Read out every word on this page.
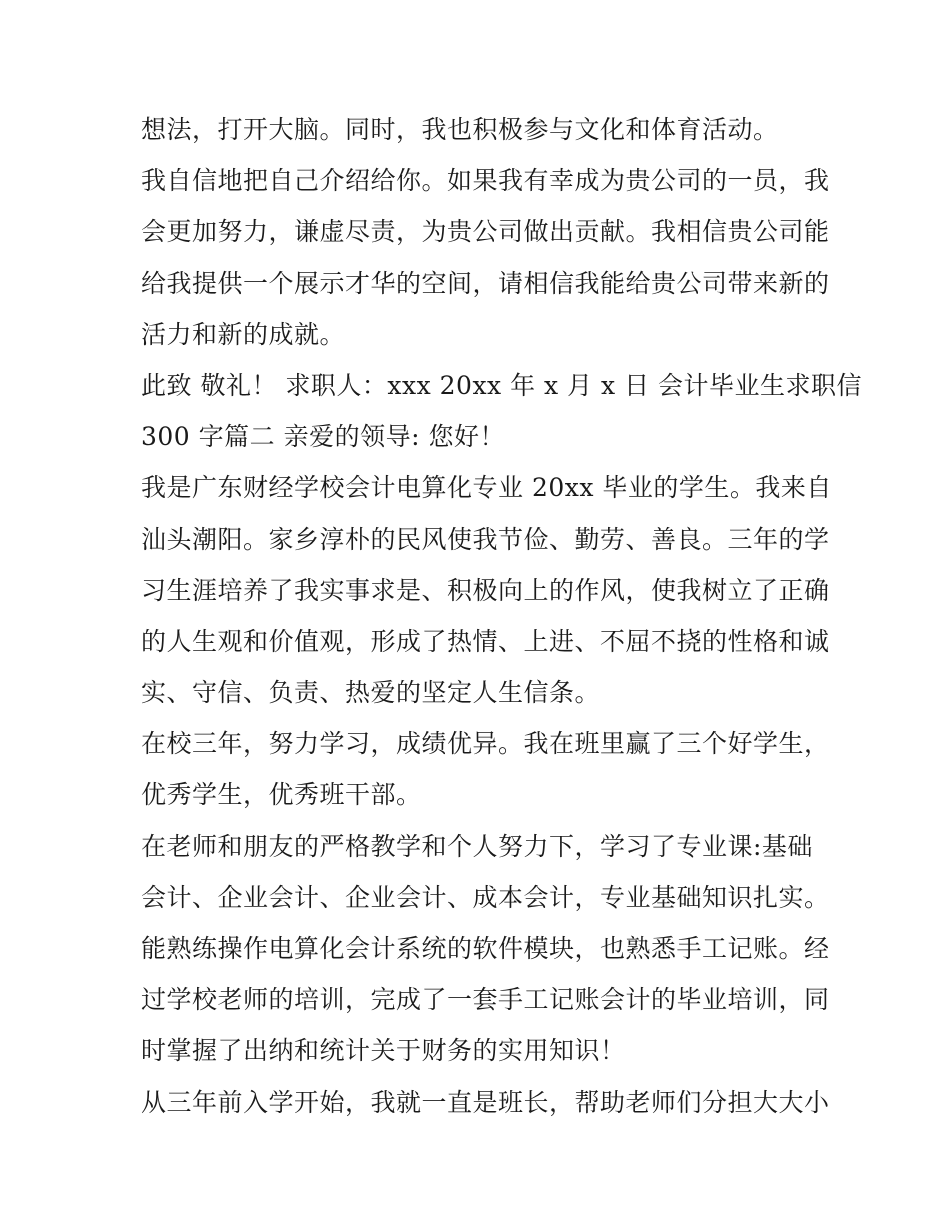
想法，打开大脑。同时，我也积极参与文化和体育活动。
我自信地把自己介绍给你。如果我有幸成为贵公司的一员，我
会更加努力，谦虚尽责，为贵公司做出贡献。我相信贵公司能
给我提供一个展示才华的空间，请相信我能给贵公司带来新的
活力和新的成就。
此致 敬礼！ 求职人：xxx 20xx 年 x 月 x 日 会计毕业生求职信
300 字篇二 亲爱的领导: 您好！
我是广东财经学校会计电算化专业 20xx 毕业的学生。我来自
汕头潮阳。家乡淳朴的民风使我节俭、勤劳、善良。三年的学
习生涯培养了我实事求是、积极向上的作风，使我树立了正确
的人生观和价值观，形成了热情、上进、不屈不挠的性格和诚
实、守信、负责、热爱的坚定人生信条。
在校三年，努力学习，成绩优异。我在班里赢了三个好学生，
优秀学生，优秀班干部。
在老师和朋友的严格教学和个人努力下，学习了专业课:基础
会计、企业会计、企业会计、成本会计，专业基础知识扎实。
能熟练操作电算化会计系统的软件模块，也熟悉手工记账。经
过学校老师的培训，完成了一套手工记账会计的毕业培训，同
时掌握了出纳和统计关于财务的实用知识！
从三年前入学开始，我就一直是班长，帮助老师们分担大大小
